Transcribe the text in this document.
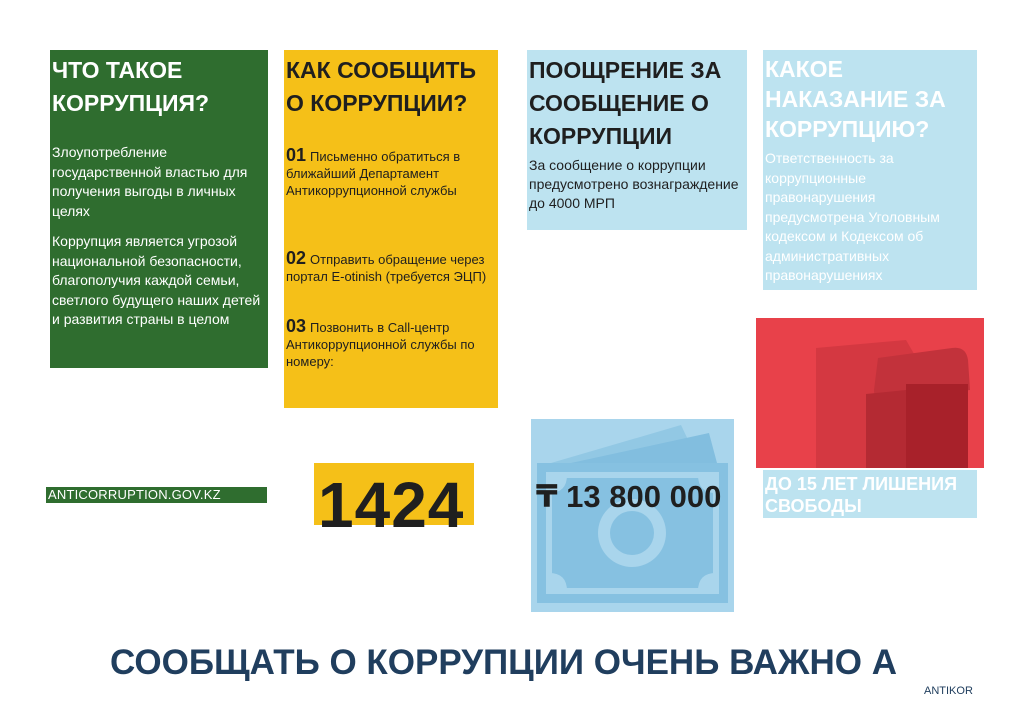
ЧТО ТАКОЕ КОРРУПЦИЯ?
Злоупотребление государственной властью для получения выгоды в личных целях
Коррупция является угрозой национальной безопасности, благополучия каждой семьи, светлого будущего наших детей и развития страны в целом
КАК СООБЩИТЬ О КОРРУПЦИИ?
01 Письменно обратиться в ближайший Департамент Антикоррупционной службы
02 Отправить обращение через портал E-otinish (требуется ЭЦП)
03 Позвонить в Call-центр Антикоррупционной службы по номеру:
ПООЩРЕНИЕ ЗА СООБЩЕНИЕ О КОРРУПЦИИ
За сообщение о коррупции предусмотрено вознаграждение до 4000 МРП
КАКОЕ НАКАЗАНИЕ ЗА КОРРУПЦИЮ?
Ответственность за коррупционные правонарушения предусмотрена Уголовным кодексом и Кодексом об административных правонарушениях
ДО 15 ЛЕТ ЛИШЕНИЯ СВОБОДЫ
ANTICORRUPTION.GOV.KZ 1424 ₸ 13 800 000
СООБЩАТЬ О КОРРУПЦИИ ОЧЕНЬ ВАЖНО А
ANTIKOR
